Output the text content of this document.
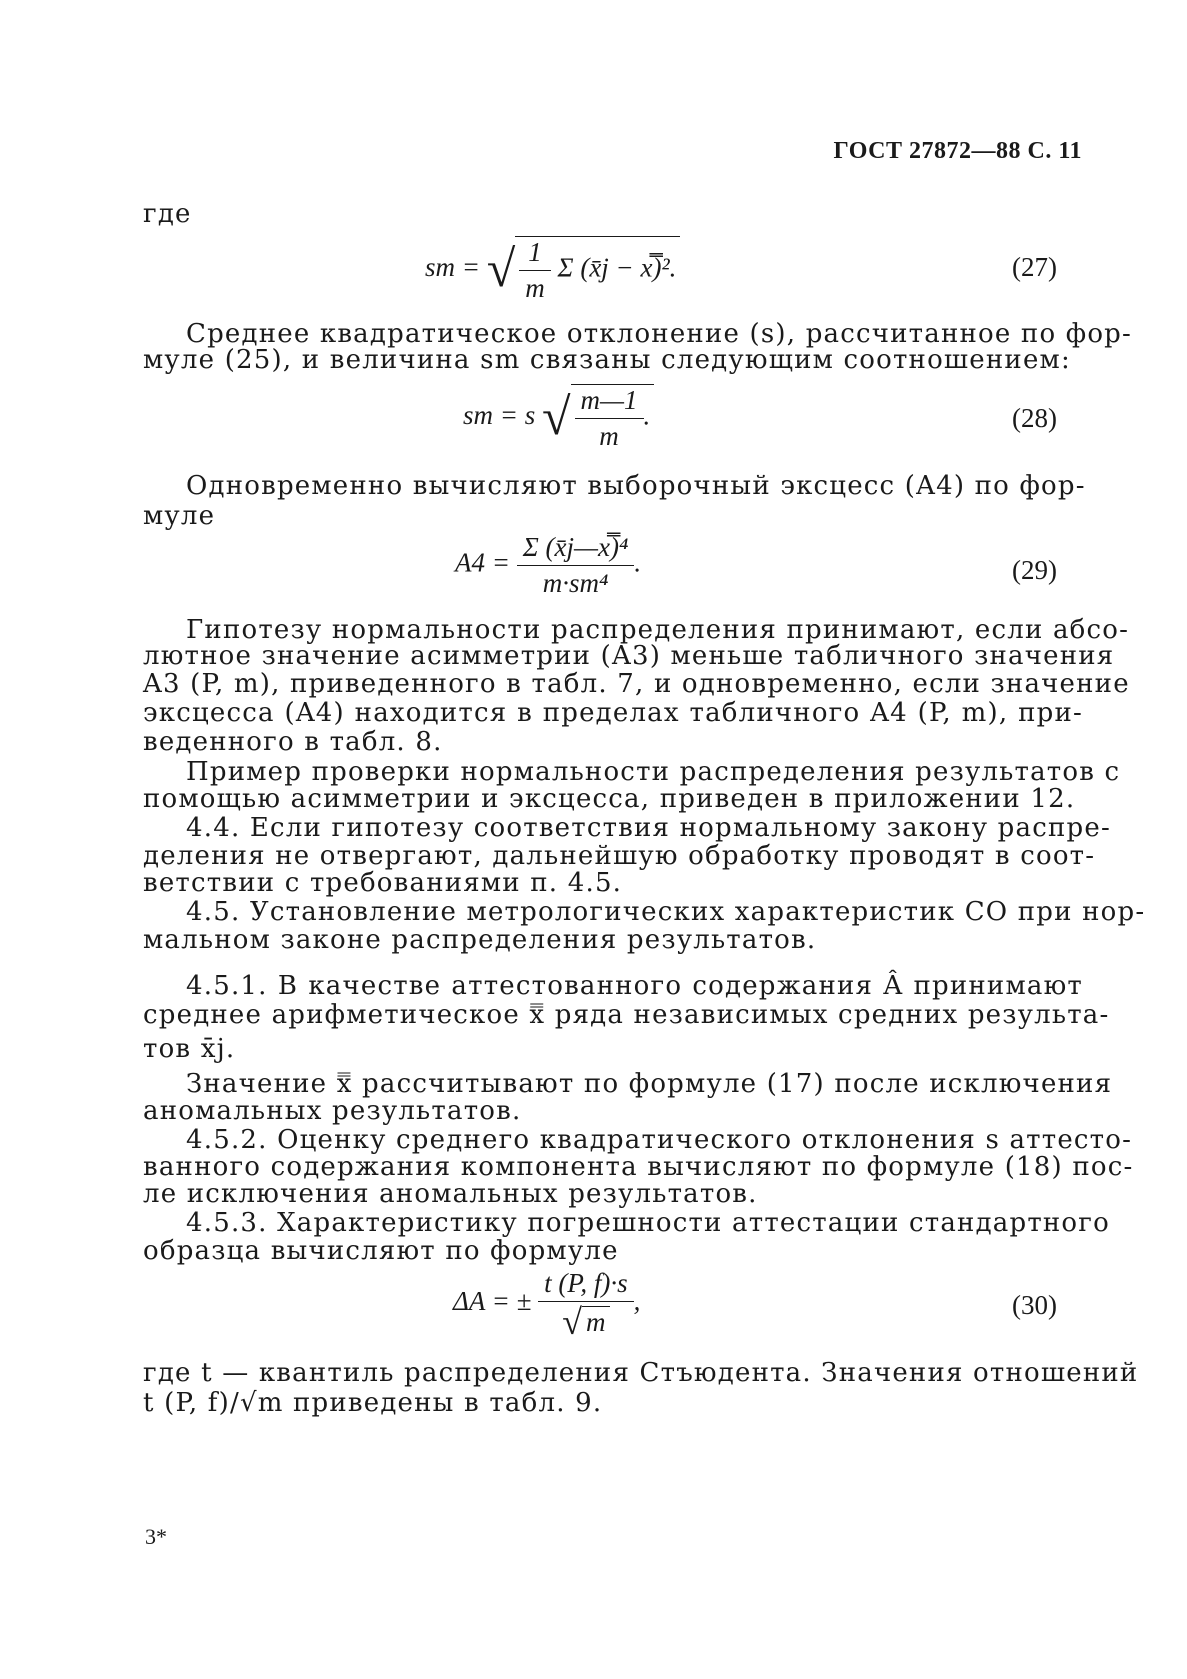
ГОСТ 27872—88 С. 11
где
sm = √ $\frac{1}{m}$ Σ (x̄j − x̿)².	(27)
Среднее квадратическое отклонение (s), рассчитанное по фор-
муле (25), и величина sm связаны следующим соотношением:
sm = s √ $\frac{m—1}{m}$ .	(28)
Одновременно вычисляют выборочный эксцесс (A4) по фор-
муле
$A4 = \frac{\text{Σ (x̄j—x̿)⁴}}{\text{m·sm⁴}}$ .	(29)
Гипотезу нормальности распределения принимают, если абсо-
лютное значение асимметрии (A3) меньше табличного значения
A3 (P, m), приведенного в табл. 7, и одновременно, если значение
эксцесса (A4) находится в пределах табличного A4 (P, m), при-
веденного в табл. 8.
Пример проверки нормальности распределения результатов с
помощью асимметрии и эксцесса, приведен в приложении 12.
4.4. Если гипотезу соответствия нормальному закону распре-
деления не отвергают, дальнейшую обработку проводят в соот-
ветствии с требованиями п. 4.5.
4.5. Установление метрологических характеристик СО при нор-
мальном законе распределения результатов.
4.5.1. В качестве аттестованного содержания Â принимают
среднее арифметическое x̿ ряда независимых средних результа-
тов x̄j.
Значение x̿ рассчитывают по формуле (17) после исключения
аномальных результатов.
4.5.2. Оценку среднего квадратического отклонения s аттесто-
ванного содержания компонента вычисляют по формуле (18) пос-
ле исключения аномальных результатов.
4.5.3. Характеристику погрешности аттестации стандартного
образца вычисляют по формуле
ΔA = ± $\frac{t (P, f)\cdot s}{√ m}$ ,	(30)
где t — квантиль распределения Стъюдента. Значения отношений
t (P, f)/√m приведены в табл. 9.
3*
